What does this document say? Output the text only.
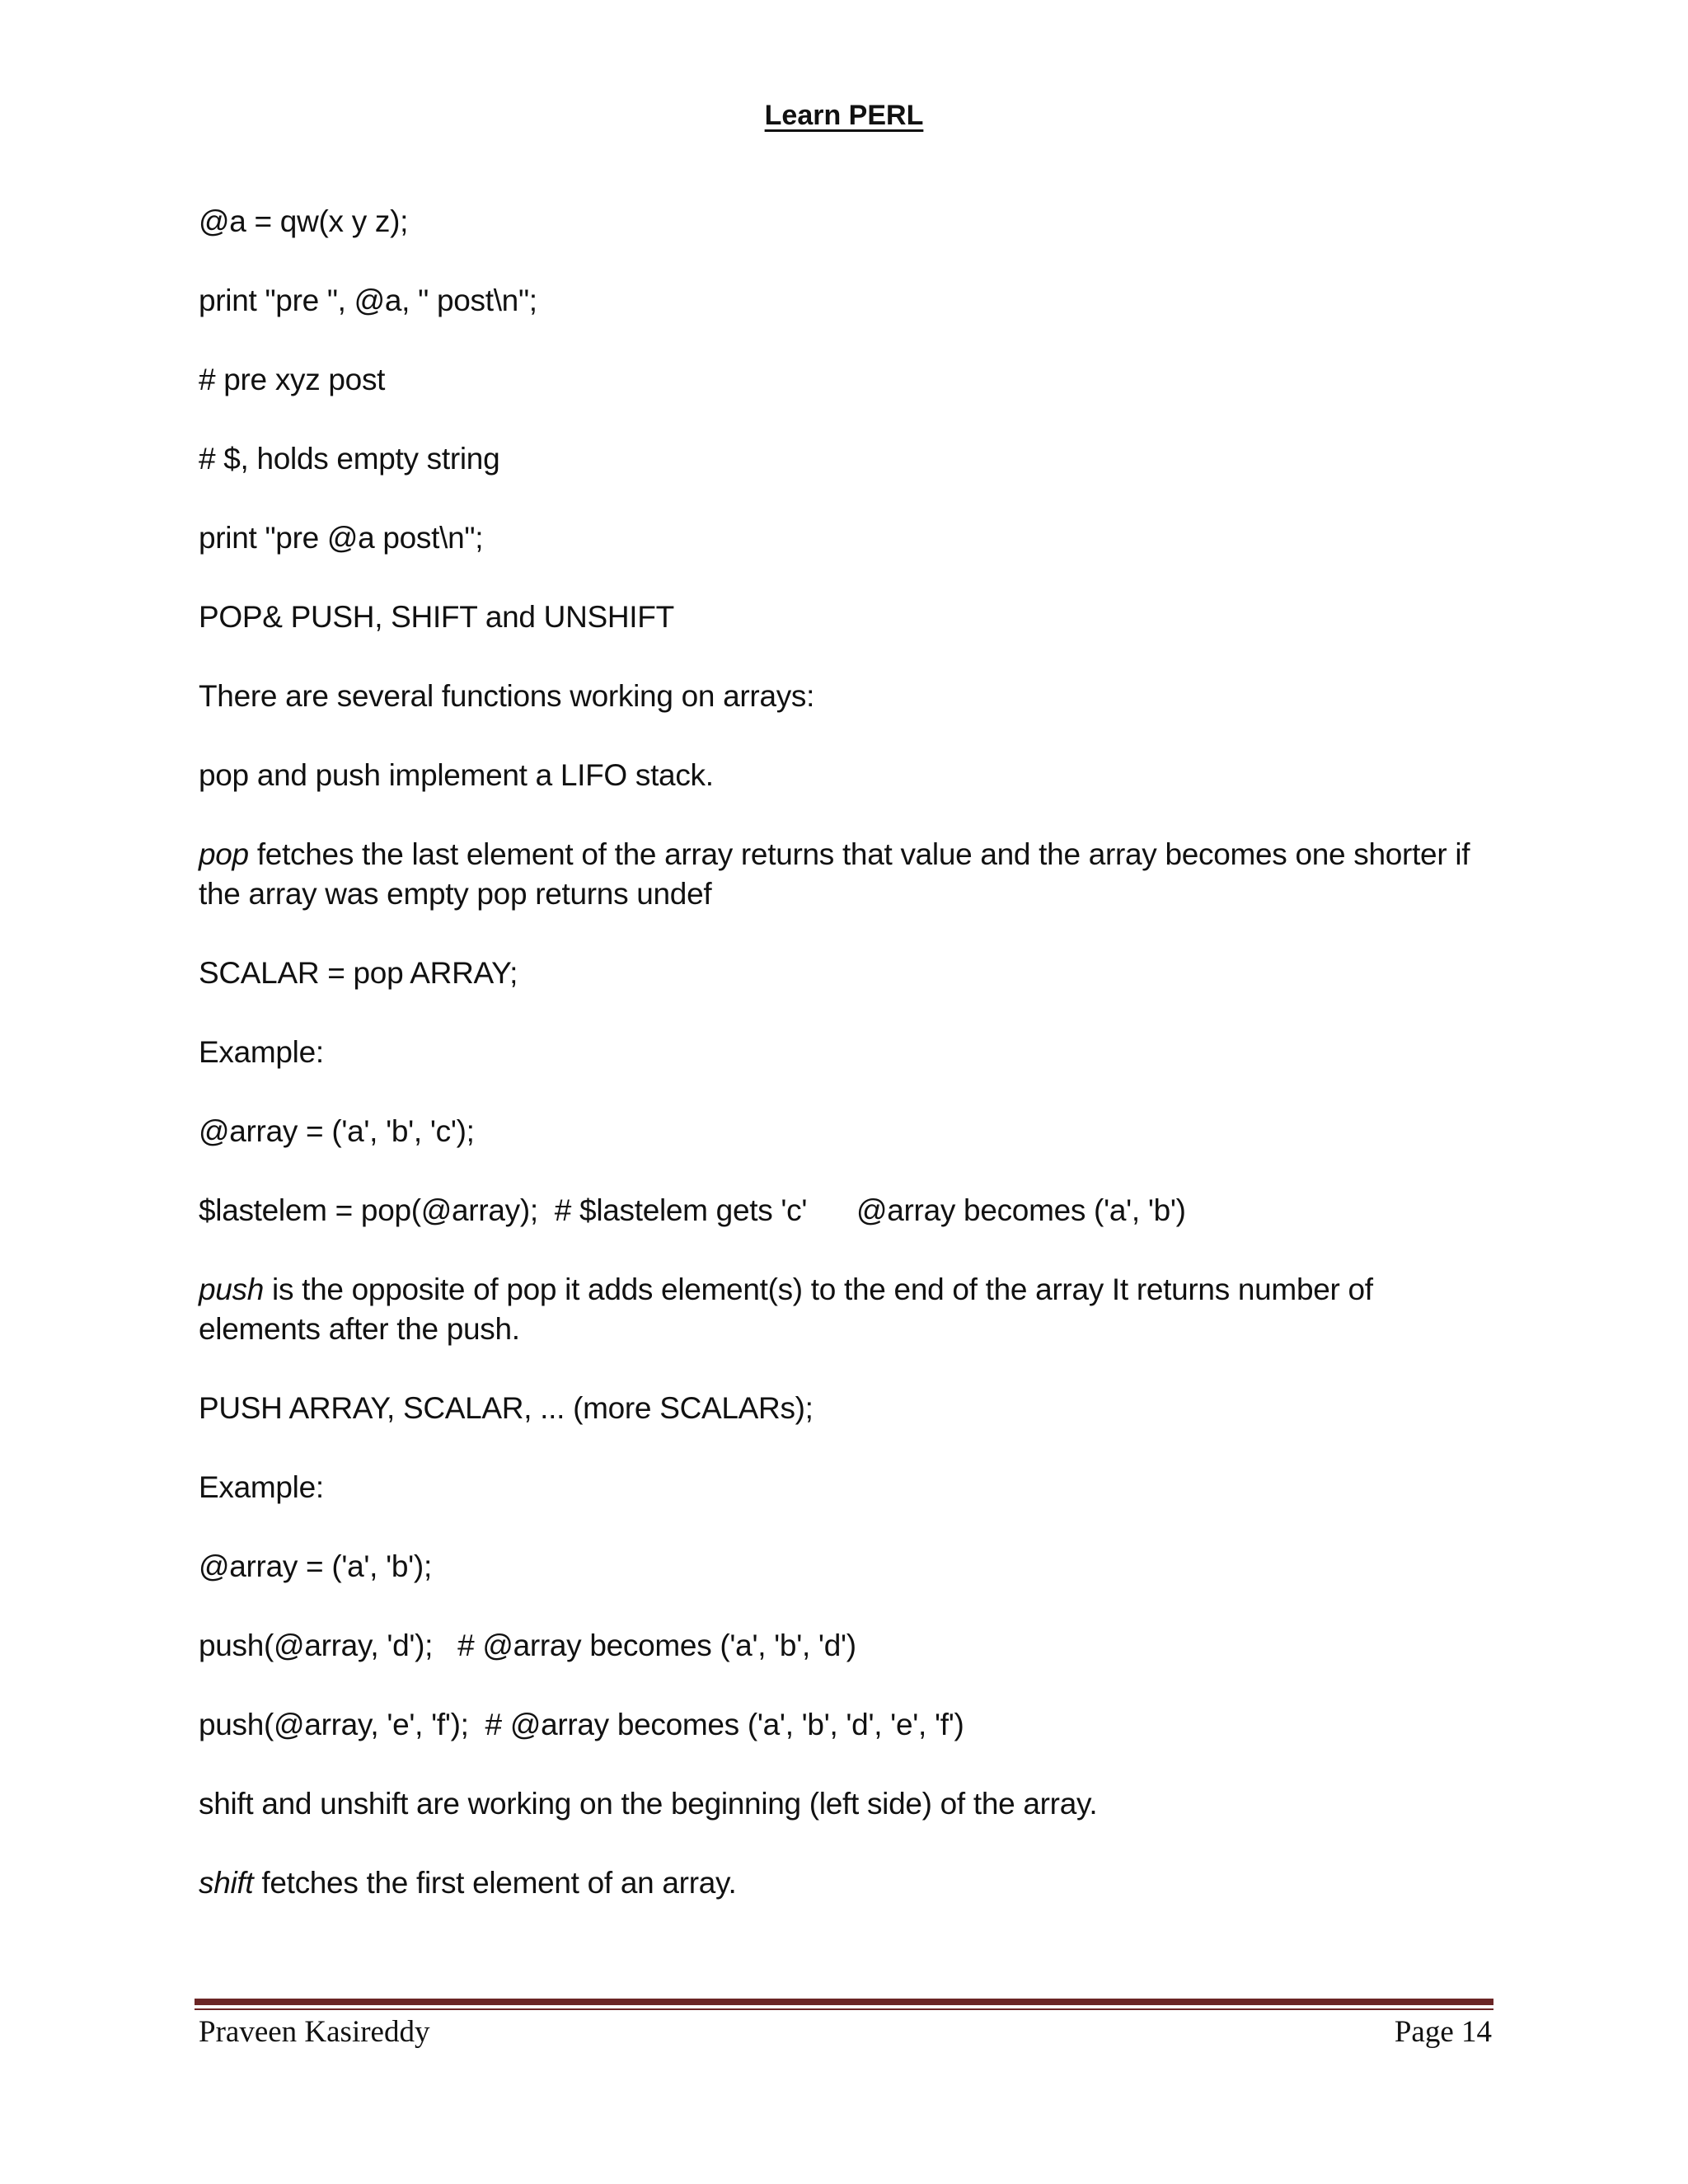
Learn PERL

@a = qw(x y z);

print "pre ", @a, " post\n";

# pre xyz post

# $, holds empty string

print "pre @a post\n";

POP& PUSH, SHIFT and UNSHIFT

There are several functions working on arrays:

pop and push implement a LIFO stack.

pop fetches the last element of the array returns that value and the array becomes one shorter if the array was empty pop returns undef

SCALAR = pop ARRAY;

Example:

@array = ('a', 'b', 'c');

$lastelem = pop(@array);  # $lastelem gets 'c'      @array becomes ('a', 'b')

push is the opposite of pop it adds element(s) to the end of the array It returns number of elements after the push.

PUSH ARRAY, SCALAR, ... (more SCALARs);

Example:

@array = ('a', 'b');

push(@array, 'd');   # @array becomes ('a', 'b', 'd')

push(@array, 'e', 'f');  # @array becomes ('a', 'b', 'd', 'e', 'f')

shift and unshift are working on the beginning (left side) of the array.

shift fetches the first element of an array.

Praveen Kasireddy	Page 14
